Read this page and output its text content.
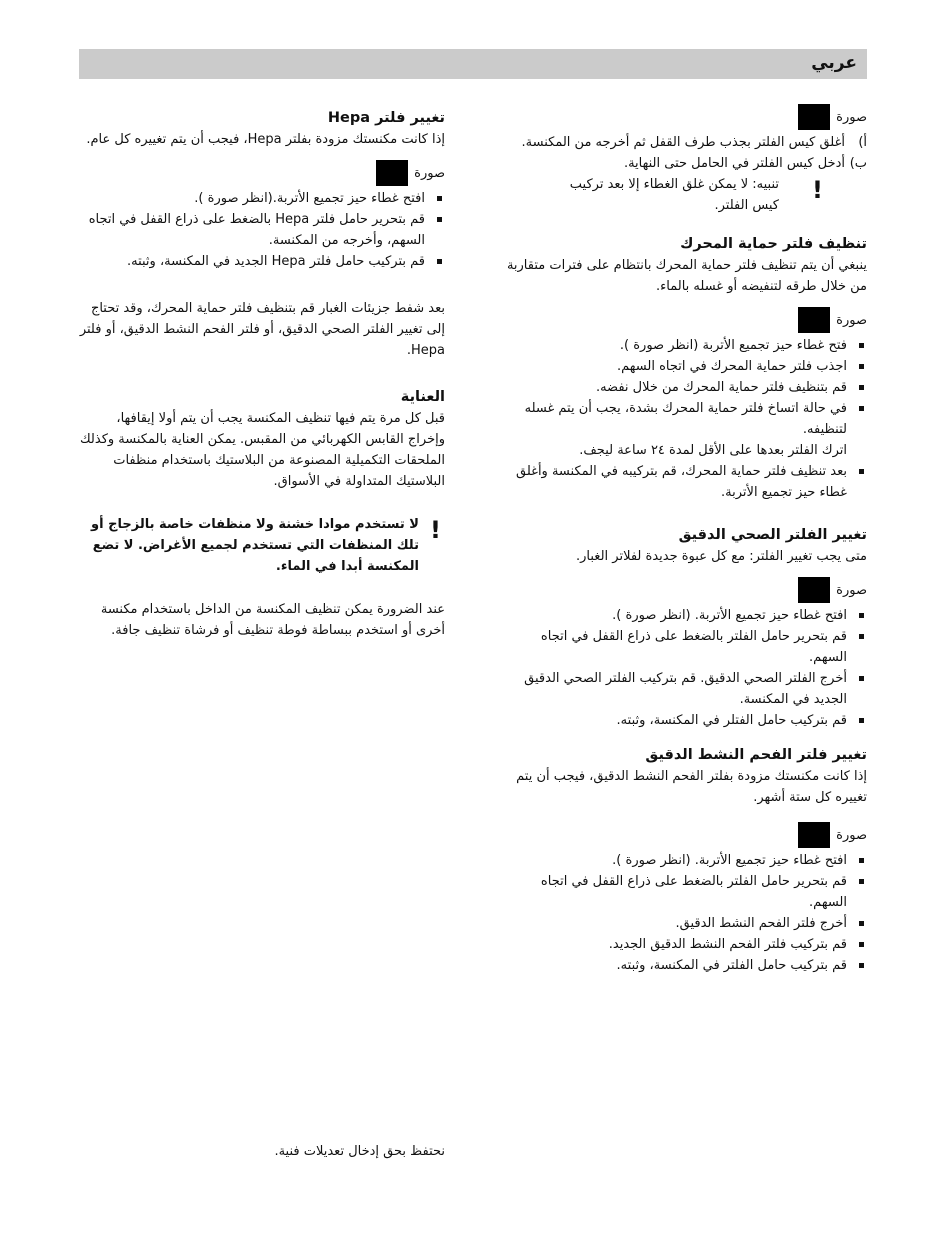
عربي
صورة
أ)
أغلق كيس الفلتر بجذب طرف القفل ثم أخرجه من المكنسة.
ب)
أدخل كيس الفلتر في الحامل حتى النهاية.
!
تنبيه: لا يمكن غلق الغطاء إلا بعد تركيب كيس الفلتر.
تنظيف فلتر حماية المحرك

ينبغي أن يتم تنظيف فلتر حماية المحرك بانتظام على فترات متقاربة من خلال طرقه لتنفيضه أو غسله بالماء.

صورة
فتح غطاء حيز تجميع الأتربة (انظر صورة ).
اجذب فلتر حماية المحرك في اتجاه السهم.
قم بتنظيف فلتر حماية المحرك من خلال نفضه.
في حالة اتساخ فلتر حماية المحرك بشدة، يجب أن يتم غسله لتنظيفه.
اترك الفلتر بعدها على الأقل لمدة ٢٤ ساعة ليجف.
بعد تنظيف فلتر حماية المحرك، قم بتركيبه في المكنسة وأغلق غطاء حيز تجميع الأتربة.
تغيير الفلتر الصحي الدقيق

متى يجب تغيير الفلتر: مع كل عبوة جديدة لفلاتر الغبار.

صورة
افتح غطاء حيز تجميع الأتربة. (انظر صورة ).
قم بتحرير حامل الفلتر بالضغط على ذراع القفل في اتجاه السهم.
أخرج الفلتر الصحي الدقيق. قم بتركيب الفلتر الصحي الدقيق الجديد في المكنسة.
قم بتركيب حامل الفتلر في المكنسة، وثبته.
تغيير فلتر الفحم النشط الدقيق

إذا كانت مكنستك مزودة بفلتر الفحم النشط الدقيق، فيجب أن يتم تغييره كل ستة أشهر.

صورة
افتح غطاء حيز تجميع الأتربة. (انظر صورة ).
قم بتحرير حامل الفلتر بالضغط على ذراع القفل في اتجاه السهم.
أخرج فلتر الفحم النشط الدقيق.
قم بتركيب فلتر الفحم النشط الدقيق الجديد.
قم بتركيب حامل الفلتر في المكنسة، وثبته.
تغيير فلتر Hepa

إذا كانت مكنستك مزودة بفلتر Hepa، فيجب أن يتم تغييره كل عام.

صورة
افتح غطاء حيز تجميع الأتربة.(انظر صورة ).
قم بتحرير حامل فلتر Hepa بالضغط على ذراع القفل في اتجاه السهم، وأخرجه من المكنسة.
قم بتركيب حامل فلتر Hepa الجديد في المكنسة، وثبته.

بعد شفط جزيئات الغبار قم بتنظيف فلتر حماية المحرك، وقد تحتاج إلى تغيير الفلتر الصحي الدقيق، أو فلتر الفحم النشط الدقيق، أو فلتر Hepa.

العناية

قبل كل مرة يتم فيها تنظيف المكنسة يجب أن يتم أولا إيقافها، وإخراج القابس الكهربائي من المقبس. يمكن العناية بالمكنسة وكذلك الملحقات التكميلية المصنوعة من البلاستيك باستخدام منظفات البلاستيك المتداولة في الأسواق.

!
لا تستخدم موادا خشنة ولا منظفات خاصة بالزجاج أو تلك المنظفات التي تستخدم لجميع الأغراض. لا تضع المكنسة أبدا في الماء.

عند الضرورة يمكن تنظيف المكنسة من الداخل باستخدام مكنسة أخرى أو استخدم ببساطة فوطة تنظيف أو فرشاة تنظيف جافة.

نحتفظ بحق إدخال تعديلات فنية.
